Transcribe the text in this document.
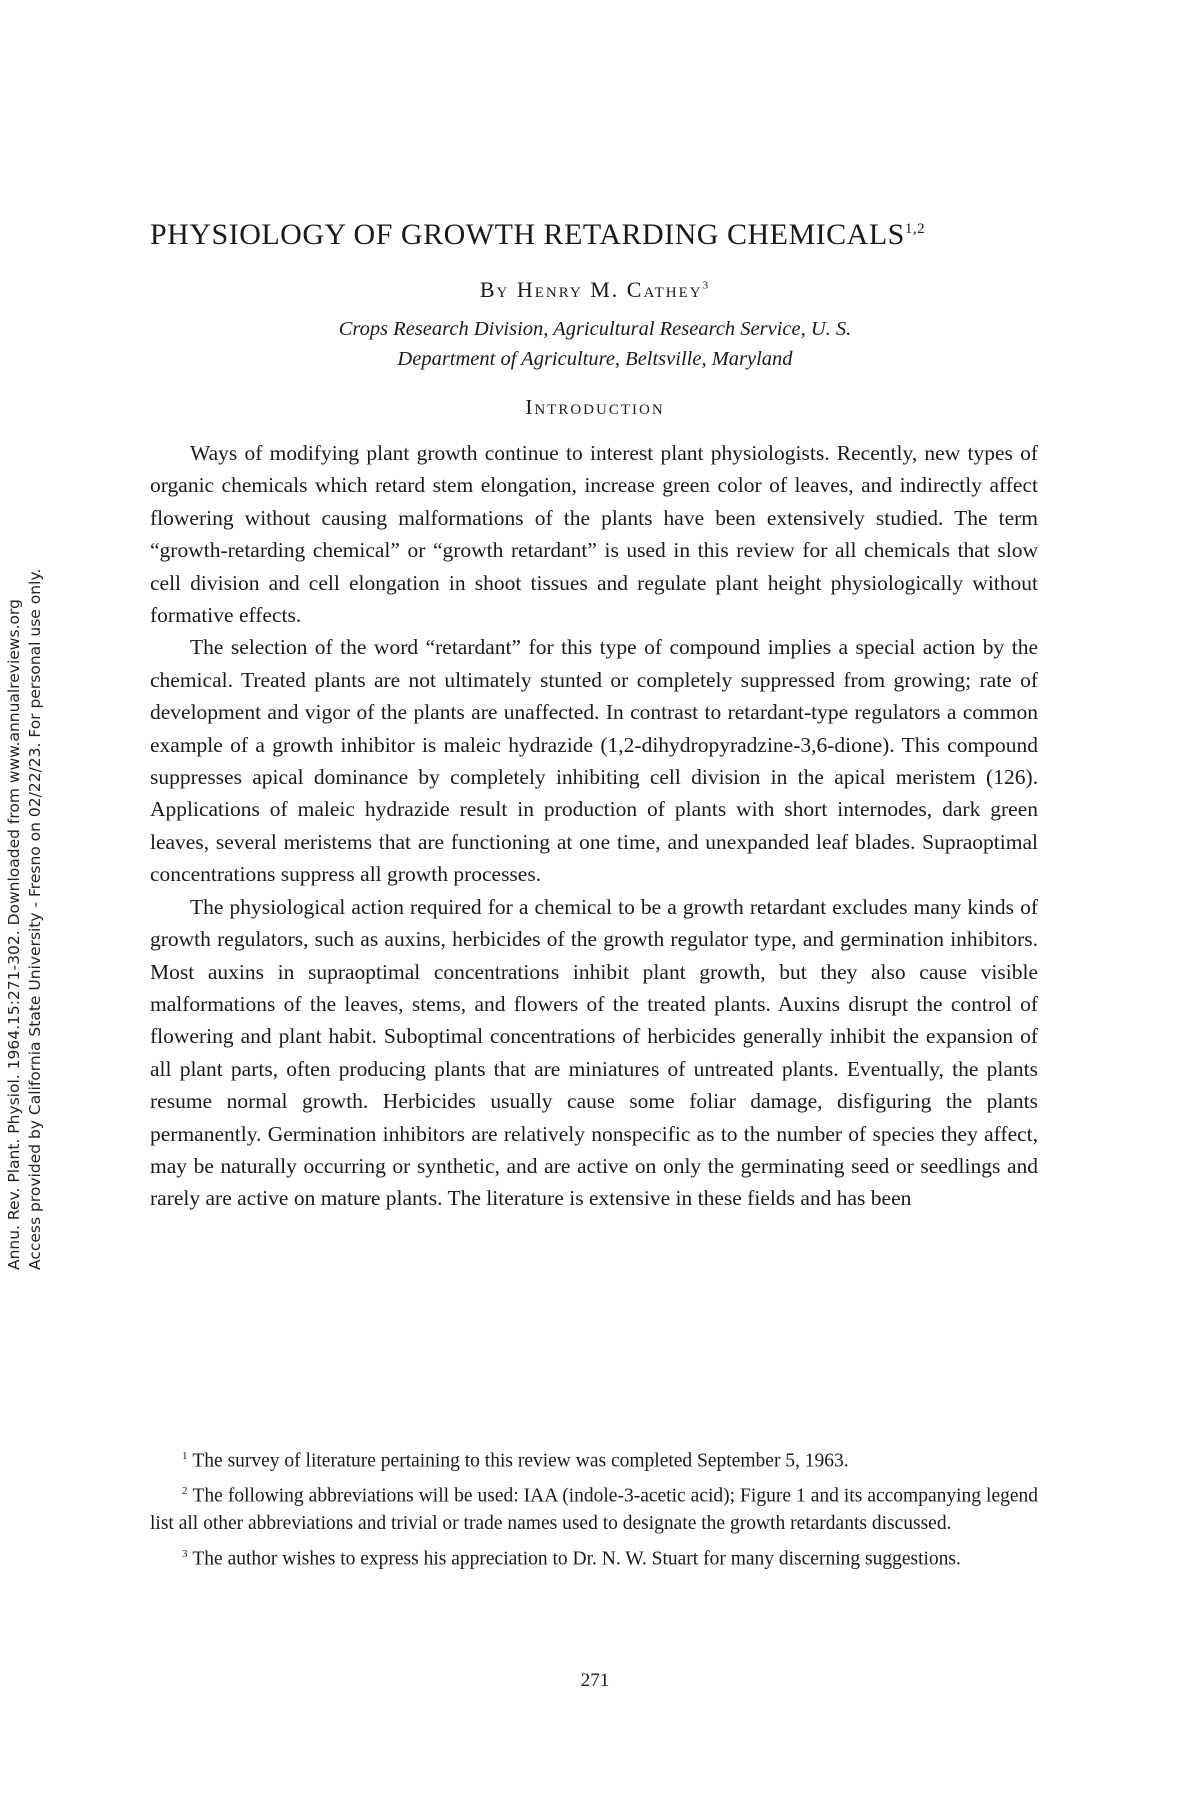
Annu. Rev. Plant. Physiol. 1964.15:271-302. Downloaded from www.annualreviews.org Access provided by California State University - Fresno on 02/22/23. For personal use only.
PHYSIOLOGY OF GROWTH RETARDING CHEMICALS$^{1,2}$
By Henry M. Cathey$^3$
Crops Research Division, Agricultural Research Service, U. S.
Department of Agriculture, Beltsville, Maryland
Introduction

Ways of modifying plant growth continue to interest plant physiologists. Recently, new types of organic chemicals which retard stem elongation, increase green color of leaves, and indirectly affect flowering without causing malformations of the plants have been extensively studied. The term “growth-retarding chemical” or “growth retardant” is used in this review for all chemicals that slow cell division and cell elongation in shoot tissues and regulate plant height physiologically without formative effects.

The selection of the word “retardant” for this type of compound implies a special action by the chemical. Treated plants are not ultimately stunted or completely suppressed from growing; rate of development and vigor of the plants are unaffected. In contrast to retardant-type regulators a common example of a growth inhibitor is maleic hydrazide (1,2-dihydropyradzine-3,6-dione). This compound suppresses apical dominance by completely inhibiting cell division in the apical meristem (126). Applications of maleic hydrazide result in production of plants with short internodes, dark green leaves, several meristems that are functioning at one time, and unexpanded leaf blades. Supraoptimal concentrations suppress all growth processes.

The physiological action required for a chemical to be a growth retardant excludes many kinds of growth regulators, such as auxins, herbicides of the growth regulator type, and germination inhibitors. Most auxins in supraoptimal concentrations inhibit plant growth, but they also cause visible malformations of the leaves, stems, and flowers of the treated plants. Auxins disrupt the control of flowering and plant habit. Suboptimal concentrations of herbicides generally inhibit the expansion of all plant parts, often producing plants that are miniatures of untreated plants. Eventually, the plants resume normal growth. Herbicides usually cause some foliar damage, disfiguring the plants permanently. Germination inhibitors are relatively nonspecific as to the number of species they affect, may be naturally occurring or synthetic, and are active on only the germinating seed or seedlings and rarely are active on mature plants. The literature is extensive in these fields and has been

$^1$ The survey of literature pertaining to this review was completed September 5, 1963.

$^2$ The following abbreviations will be used: IAA (indole-3-acetic acid); Figure 1 and its accompanying legend list all other abbreviations and trivial or trade names used to designate the growth retardants discussed.

$^3$ The author wishes to express his appreciation to Dr. N. W. Stuart for many discerning suggestions.

271
